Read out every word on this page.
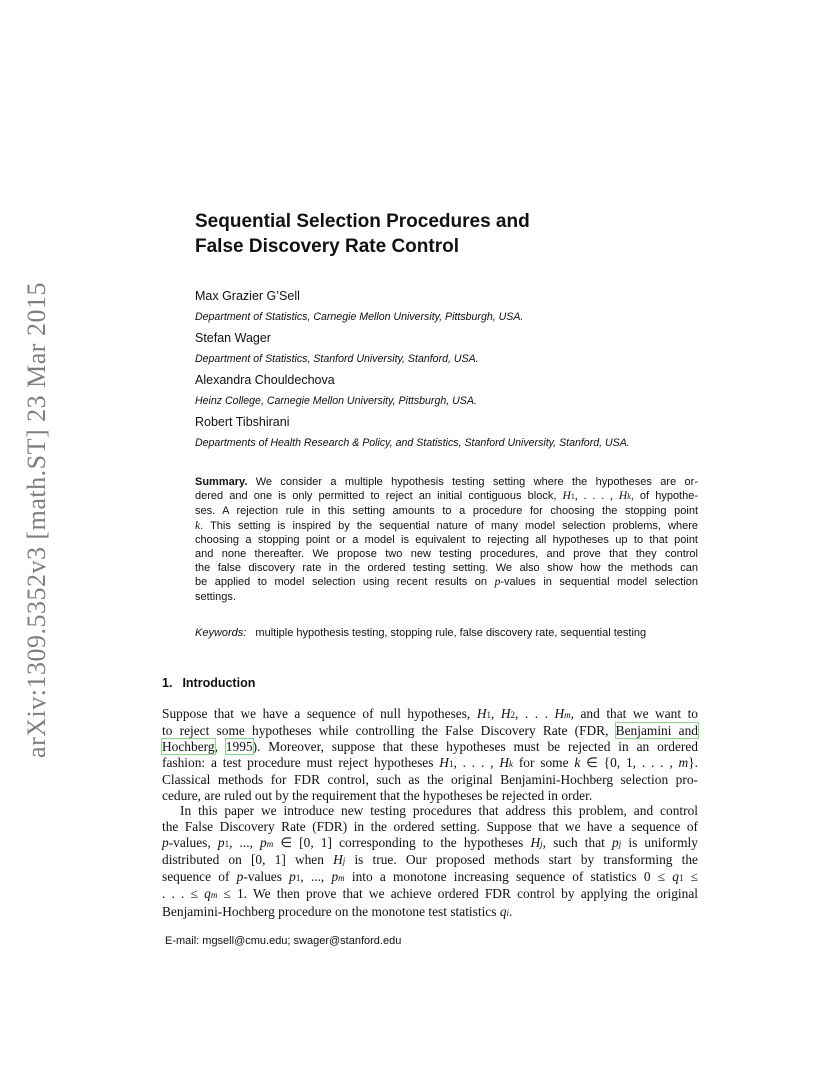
arXiv:1309.5352v3 [math.ST] 23 Mar 2015
Sequential Selection Procedures and
False Discovery Rate Control
Max Grazier G’Sell
Department of Statistics, Carnegie Mellon University, Pittsburgh, USA.
Stefan Wager
Department of Statistics, Stanford University, Stanford, USA.
Alexandra Chouldechova
Heinz College, Carnegie Mellon University, Pittsburgh, USA.
Robert Tibshirani
Departments of Health Research & Policy, and Statistics, Stanford University, Stanford, USA.
Summary. We consider a multiple hypothesis testing setting where the hypotheses are or-
dered and one is only permitted to reject an initial contiguous block, H1, . . . , Hk, of hypothe-
ses. A rejection rule in this setting amounts to a procedure for choosing the stopping point
k. This setting is inspired by the sequential nature of many model selection problems, where
choosing a stopping point or a model is equivalent to rejecting all hypotheses up to that point
and none thereafter. We propose two new testing procedures, and prove that they control
the false discovery rate in the ordered testing setting. We also show how the methods can
be applied to model selection using recent results on p-values in sequential model selection
settings.
Keywords: multiple hypothesis testing, stopping rule, false discovery rate, sequential testing
1. Introduction
Suppose that we have a sequence of null hypotheses, H1, H2, . . . Hm, and that we want to
to reject some hypotheses while controlling the False Discovery Rate (FDR, Benjamini and
Hochberg, 1995). Moreover, suppose that these hypotheses must be rejected in an ordered
fashion: a test procedure must reject hypotheses H1, . . . , Hk for some k ∈ {0, 1, . . . , m}.
Classical methods for FDR control, such as the original Benjamini-Hochberg selection pro-
cedure, are ruled out by the requirement that the hypotheses be rejected in order.
In this paper we introduce new testing procedures that address this problem, and control
the False Discovery Rate (FDR) in the ordered setting. Suppose that we have a sequence of
p-values, p1, ..., pm ∈ [0, 1] corresponding to the hypotheses Hj, such that pj is uniformly
distributed on [0, 1] when Hj is true. Our proposed methods start by transforming the
sequence of p-values p1, ..., pm into a monotone increasing sequence of statistics 0 ≤ q1 ≤
. . . ≤ qm ≤ 1. We then prove that we achieve ordered FDR control by applying the original
Benjamini-Hochberg procedure on the monotone test statistics qi.
E-mail: mgsell@cmu.edu; swager@stanford.edu
